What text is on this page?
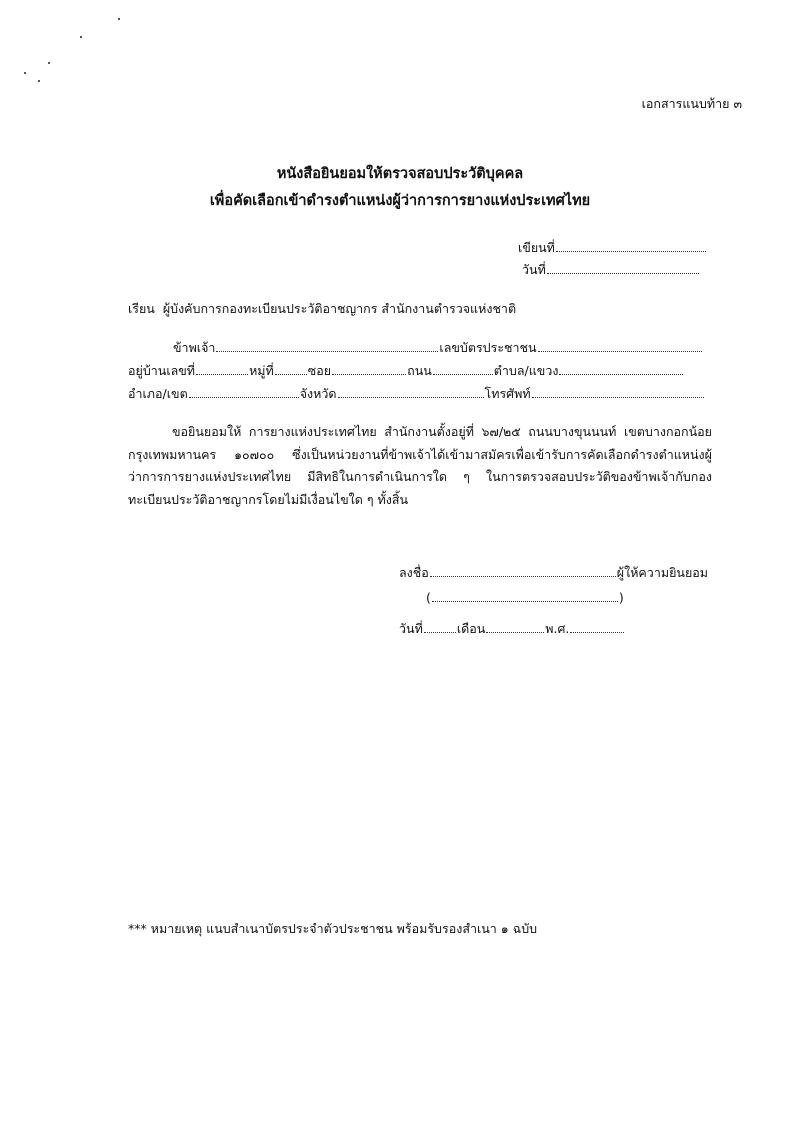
เอกสารแนบท้าย ๓
หนังสือยินยอมให้ตรวจสอบประวัติบุคคล
เพื่อคัดเลือกเข้าดำรงตำแหน่งผู้ว่าการการยางแห่งประเทศไทย
เขียนที่
วันที่
เรียน ผู้บังคับการกองทะเบียนประวัติอาชญากร สำนักงานตำรวจแห่งชาติ
ข้าพเจ้า	เลขบัตรประชาชน
อยู่บ้านเลขที่	หมู่ที่	ซอย	ถนน	ตำบล/แขวง
อำเภอ/เขต	จังหวัด	โทรศัพท์
ขอยินยอมให้ การยางแห่งประเทศไทย สำนักงานตั้งอยู่ที่ ๖๗/๒๕ ถนนบางขุนนนท์ เขตบางกอกน้อย กรุงเทพมหานคร ๑๐๗๐๐ ซึ่งเป็นหน่วยงานที่ข้าพเจ้าได้เข้ามาสมัครเพื่อเข้ารับการคัดเลือกดำรงตำแหน่งผู้ว่าการการยางแห่งประเทศไทย มีสิทธิในการดำเนินการใด ๆ ในการตรวจสอบประวัติของข้าพเจ้ากับกองทะเบียนประวัติอาชญากรโดยไม่มีเงื่อนไขใด ๆ ทั้งสิ้น
ลงชื่อ	ผู้ให้ความยินยอม
(	)
วันที่	เดือน	พ.ศ.
*** หมายเหตุ แนบสำเนาบัตรประจำตัวประชาชน พร้อมรับรองสำเนา ๑ ฉบับ
